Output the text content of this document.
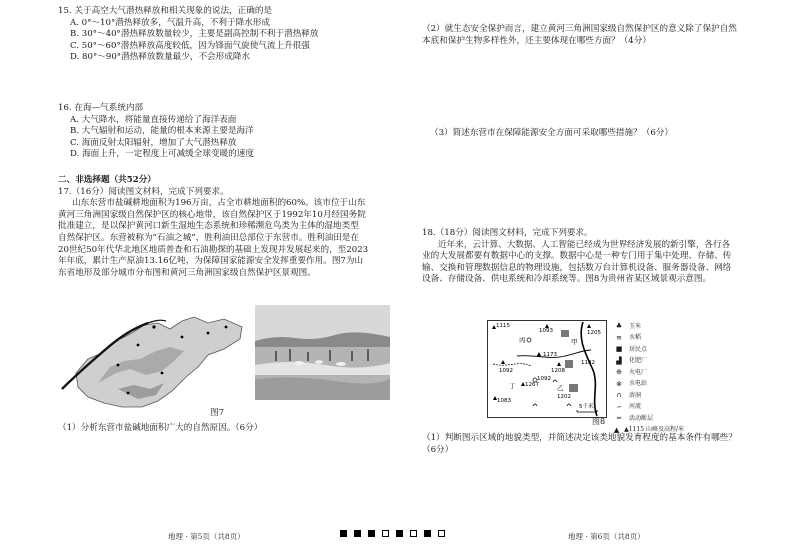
15. 关于高空大气潜热释放和相关现象的说法，正确的是
A. 0°～10°潜热释放多，气温升高，不利于降水形成
B. 30°～40°潜热释放数量较少，主要是副高控制不利于潜热释放
C. 50°～60°潜热释放高度较低，因为锋面气旋使气流上升很强
D. 80°～90°潜热释放数量最少，不会形成降水
16. 在海—气系统内部
A. 大气降水，将能量直接传递给了海洋表面
B. 大气辐射和运动，能量的根本来源主要是海洋
C. 海面反射太阳辐射，增加了大气潜热释放
D. 海面上升，一定程度上可减缓全球变暖的速度
二、非选择题（共52分）
17.（16分）阅读图文材料，完成下列要求。
山东东营市盐碱耕地面积为196万亩，占全市耕地面积的60%。该市位于山东
黄河三角洲国家级自然保护区的核心地带，该自然保护区于1992年10月经国务院
批准建立，是以保护黄河口新生湿地生态系统和珍稀濒危鸟类为主体的湿地类型
自然保护区。东营被称为“石油之城”，胜利油田总部位于东营市。胜利油田是在
20世纪50年代华北地区地质普查和石油勘探的基础上发现并发展起来的，至2023
年年底，累计生产原油13.16亿吨，为保障国家能源安全发挥重要作用。图7为山
东省地形及部分城市分布图和黄河三角洲国家级自然保护区景观图。
图7
（1）分析东营市盐碱地面积广大的自然原因。（6分）
地理 · 第5页（共8页）
（2）就生态安全保护而言，建立黄河三角洲国家级自然保护区的意义除了保护自然
本底和保护生物多样性外，还主要体现在哪些方面？（4分）
（3）简述东营市在保障能源安全方面可采取哪些措施？（6分）
18.（18分）阅读图文材料，完成下列要求。
近年来，云计算、大数据、人工智能已经成为世界经济发展的新引擎，各行各
业的大发展都要有数据中心的支撑。数据中心是一种专门用于集中处理、存储、传
输、交换和管理数据信息的物理设施，包括数万台计算机设备、服务器设备、网络
设备、存储设备、供电系统和冷却系统等。图8为贵州省某区域景观示意图。
1115
1093	1205
1092
1173
1208
1267
1092
1083
1182
1202
丙	甲
丁	乙
5千米
♣	玉米
≋	水稻
■	居民点
▟	化肥厂
⊕	火电厂
⊗	水电站
∩	溶洞
∽	河流
═	活动断层
▲ ▲1115 山峰及高程/米
图8
（1）判断图示区域的地貌类型，并简述决定该类地貌发育程度的基本条件有哪些？
（6分）
地理 · 第6页（共8页）
